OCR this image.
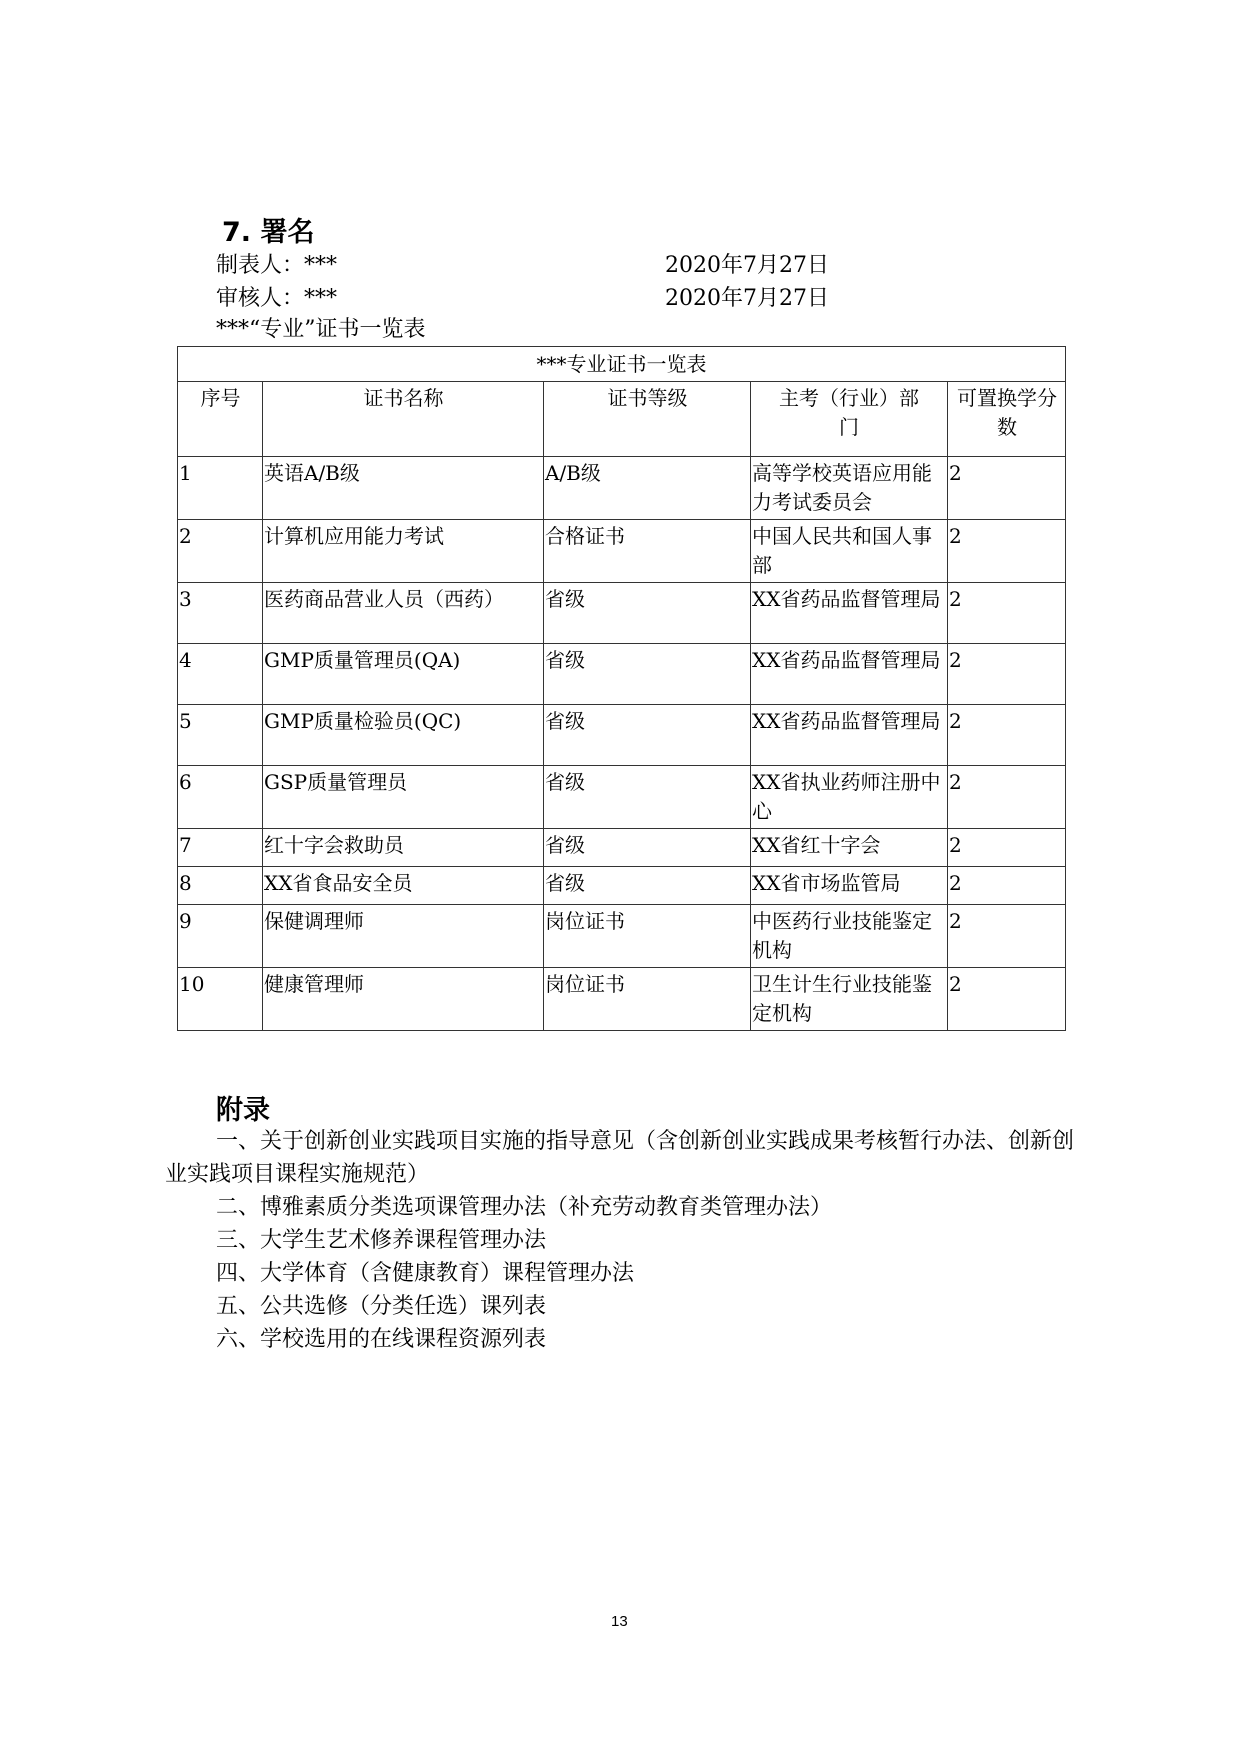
7. 署名
制表人：***	2020年7月27日
审核人：***	2020年7月27日
***“专业”证书一览表
***专业证书一览表				
序号	证书名称	证书等级	主考（行业）部门	可置换学分数
1	英语A/B级	A/B级	高等学校英语应用能力考试委员会	2
2	计算机应用能力考试	合格证书	中国人民共和国人事部	2
3	医药商品营业人员（西药）	省级	XX省药品监督管理局	2
4	GMP质量管理员(QA)	省级	XX省药品监督管理局	2
5	GMP质量检验员(QC)	省级	XX省药品监督管理局	2
6	GSP质量管理员	省级	XX省执业药师注册中心	2
7	红十字会救助员	省级	XX省红十字会	2
8	XX省食品安全员	省级	XX省市场监管局	2
9	保健调理师	岗位证书	中医药行业技能鉴定机构	2
10	健康管理师	岗位证书	卫生计生行业技能鉴定机构	2
附录

一、关于创新创业实践项目实施的指导意见（含创新创业实践成果考核暂行办法、创新创业实践项目课程实施规范）

二、博雅素质分类选项课管理办法（补充劳动教育类管理办法）

三、大学生艺术修养课程管理办法

四、大学体育（含健康教育）课程管理办法

五、公共选修（分类任选）课列表

六、学校选用的在线课程资源列表

13
